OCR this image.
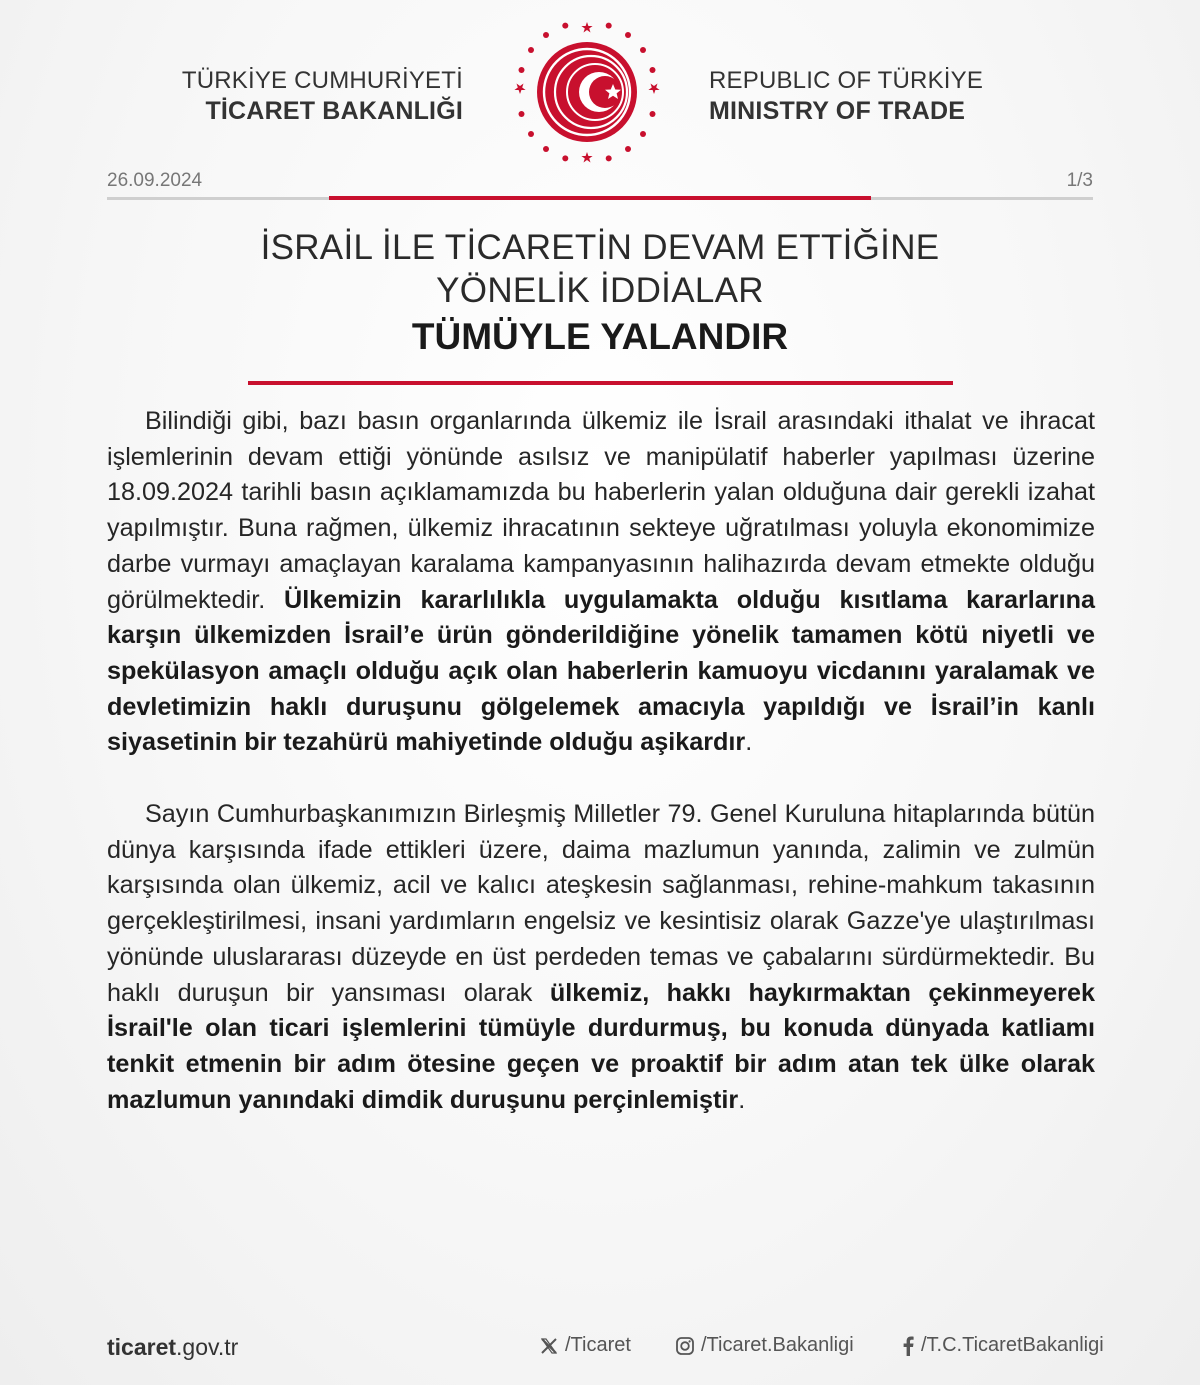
TÜRKİYE CUMHURİYETİ
TİCARET BAKANLIĞI
REPUBLIC OF TÜRKİYE
MINISTRY OF TRADE
26.09.2024	1/3
İSRAİL İLE TİCARETİN DEVAM ETTİĞİNE
YÖNELİK İDDİALAR
TÜMÜYLE YALANDIR

Bilindiği gibi, bazı basın organlarında ülkemiz ile İsrail arasındaki ithalat ve ihracat işlemlerinin devam ettiği yönünde asılsız ve manipülatif haberler yapılması üzerine 18.09.2024 tarihli basın açıklamamızda bu haberlerin yalan olduğuna dair gerekli izahat yapılmıştır. Buna rağmen, ülkemiz ihracatının sekteye uğratılması yoluyla ekonomimize darbe vurmayı amaçlayan karalama kampanyasının halihazırda devam etmekte olduğu görülmektedir. Ülkemizin kararlılıkla uygulamakta olduğu kısıtlama kararlarına karşın ülkemizden İsrail’e ürün gönderildiğine yönelik tamamen kötü niyetli ve spekülasyon amaçlı olduğu açık olan haberlerin kamuoyu vicdanını yaralamak ve devletimizin haklı duruşunu gölgelemek amacıyla yapıldığı ve İsrail’in kanlı siyasetinin bir tezahürü mahiyetinde olduğu aşikardır.

Sayın Cumhurbaşkanımızın Birleşmiş Milletler 79. Genel Kuruluna hitaplarında bütün dünya karşısında ifade ettikleri üzere, daima mazlumun yanında, zalimin ve zulmün karşısında olan ülkemiz, acil ve kalıcı ateşkesin sağlanması, rehine-mahkum takasının gerçekleştirilmesi, insani yardımların engelsiz ve kesintisiz olarak Gazze'ye ulaştırılması yönünde uluslararası düzeyde en üst perdeden temas ve çabalarını sürdürmektedir. Bu haklı duruşun bir yansıması olarak ülkemiz, hakkı haykırmaktan çekinmeyerek İsrail'le olan ticari işlemlerini tümüyle durdurmuş, bu konuda dünyada katliamı tenkit etmenin bir adım ötesine geçen ve proaktif bir adım atan tek ülke olarak mazlumun yanındaki dimdik duruşunu perçinlemiştir.

ticaret.gov.tr	/Ticaret	/Ticaret.Bakanligi	/T.C.TicaretBakanligi
